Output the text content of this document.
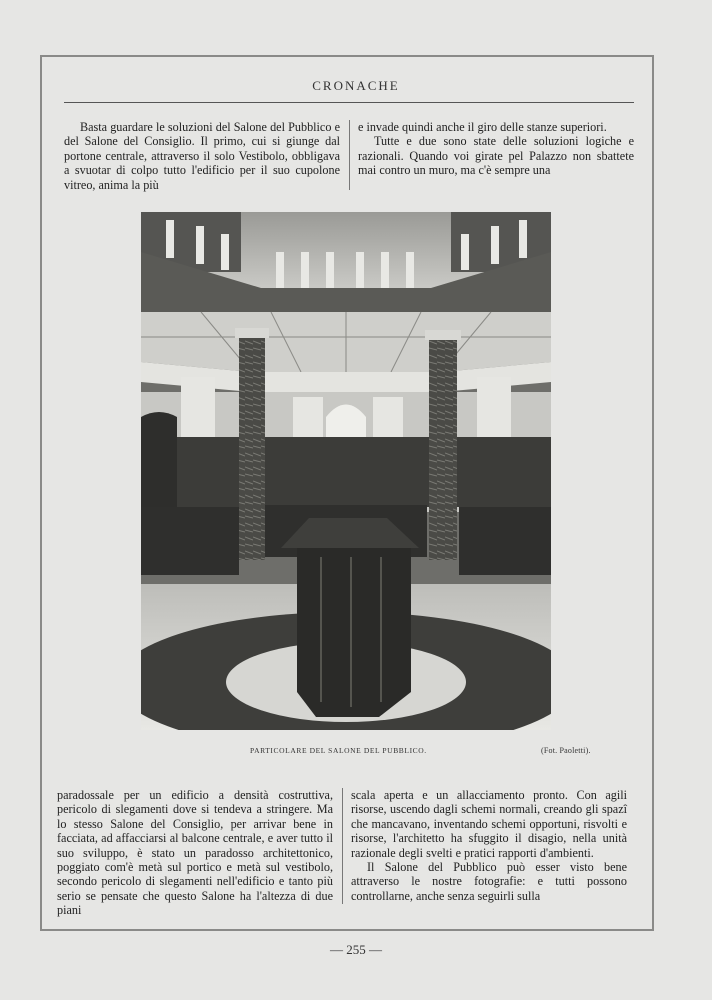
CRONACHE

Basta guardare le soluzioni del Salone del Pubblico e del Salone del Consiglio. Il primo, cui si giunge dal portone centrale, attraverso il solo Vestibolo, obbligava a svuotar di colpo tutto l'edificio per il suo cupolone vitreo, anima la più

e invade quindi anche il giro delle stanze superiori.

Tutte e due sono state delle soluzioni logiche e razionali. Quando voi girate pel Palazzo non sbattete mai contro un muro, ma c'è sempre una

PARTICOLARE DEL SALONE DEL PUBBLICO.	(Fot. Paoletti).

paradossale per un edificio a densità costruttiva, pericolo di slegamenti dove si tendeva a stringere. Ma lo stesso Salone del Consiglio, per arrivar bene in facciata, ad affacciarsi al balcone centrale, e aver tutto il suo sviluppo, è stato un paradosso architettonico, poggiato com'è metà sul portico e metà sul vestibolo, secondo pericolo di slegamenti nell'edificio e tanto più serio se pensate che questo Salone ha l'altezza di due piani

scala aperta e un allacciamento pronto. Con agili risorse, uscendo dagli schemi normali, creando gli spazî che mancavano, inventando schemi opportuni, risvolti e risorse, l'architetto ha sfuggito il disagio, nella unità razionale degli svelti e pratici rapporti d'ambienti.

Il Salone del Pubblico può esser visto bene attraverso le nostre fotografie: e tutti possono controllarne, anche senza seguirli sulla

— 255 —
